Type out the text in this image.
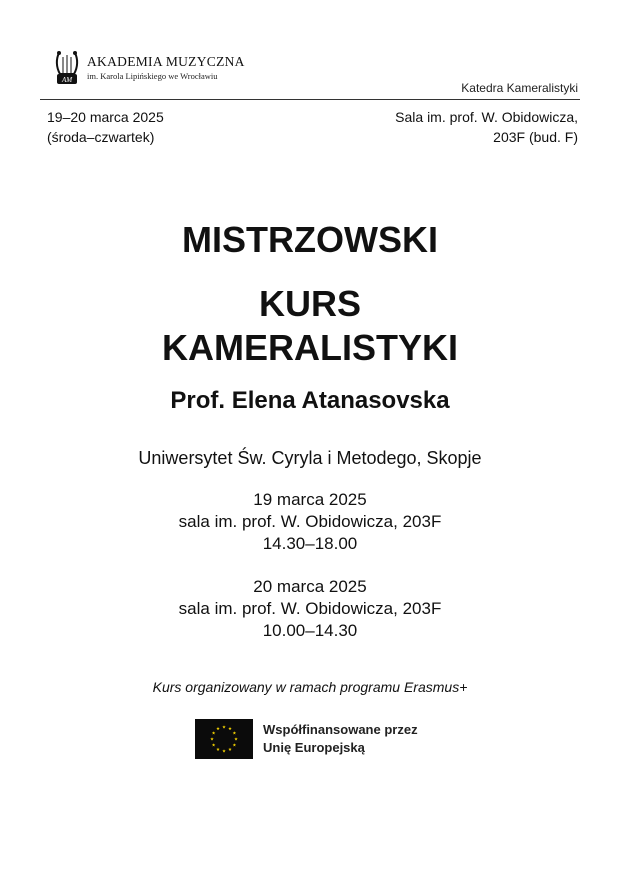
AM
AKADEMIA MUZYCZNA
im. Karola Lipińskiego we Wrocławiu
Katedra Kameralistyki
19–20 marca 2025
(środa–czwartek)
Sala im. prof. W. Obidowicza,
203F (bud. F)
MISTRZOWSKI
KURS
KAMERALISTYKI
Prof. Elena Atanasovska
Uniwersytet Św. Cyryla i Metodego, Skopje
19 marca 2025
sala im. prof. W. Obidowicza, 203F
14.30–18.00
20 marca 2025
sala im. prof. W. Obidowicza, 203F
10.00–14.30
Kurs organizowany w ramach programu Erasmus+
Współfinansowane przez
Unię Europejską
